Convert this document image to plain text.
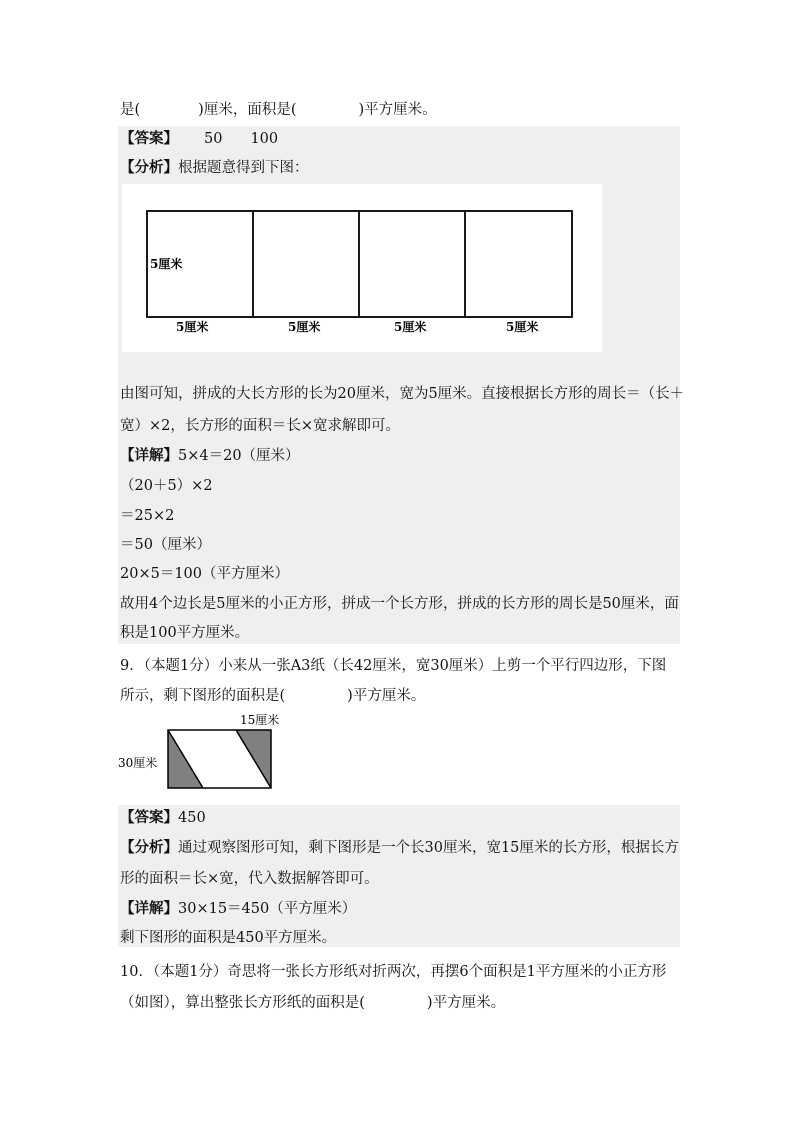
是(	)厘米，面积是(	)平方厘米。
【答案】 50 100
【分析】根据题意得到下图：
5厘米
5厘米	5厘米	5厘米	5厘米
由图可知，拼成的大长方形的长为20厘米，宽为5厘米。直接根据长方形的周长＝（长＋
宽）×2，长方形的面积＝长×宽求解即可。
【详解】5×4＝20（厘米）
（20＋5）×2
＝25×2
＝50（厘米）
20×5＝100（平方厘米）
故用4个边长是5厘米的小正方形，拼成一个长方形，拼成的长方形的周长是50厘米，面
积是100平方厘米。
9．（本题1分）小来从一张A3纸（长42厘米，宽30厘米）上剪一个平行四边形，下图
所示，剩下图形的面积是(	)平方厘米。
15厘米
30厘米
【答案】450
【分析】通过观察图形可知，剩下图形是一个长30厘米，宽15厘米的长方形，根据长方
形的面积＝长×宽，代入数据解答即可。
【详解】30×15＝450（平方厘米）
剩下图形的面积是450平方厘米。
10．（本题1分）奇思将一张长方形纸对折两次，再摆6个面积是1平方厘米的小正方形
（如图），算出整张长方形纸的面积是(	)平方厘米。
